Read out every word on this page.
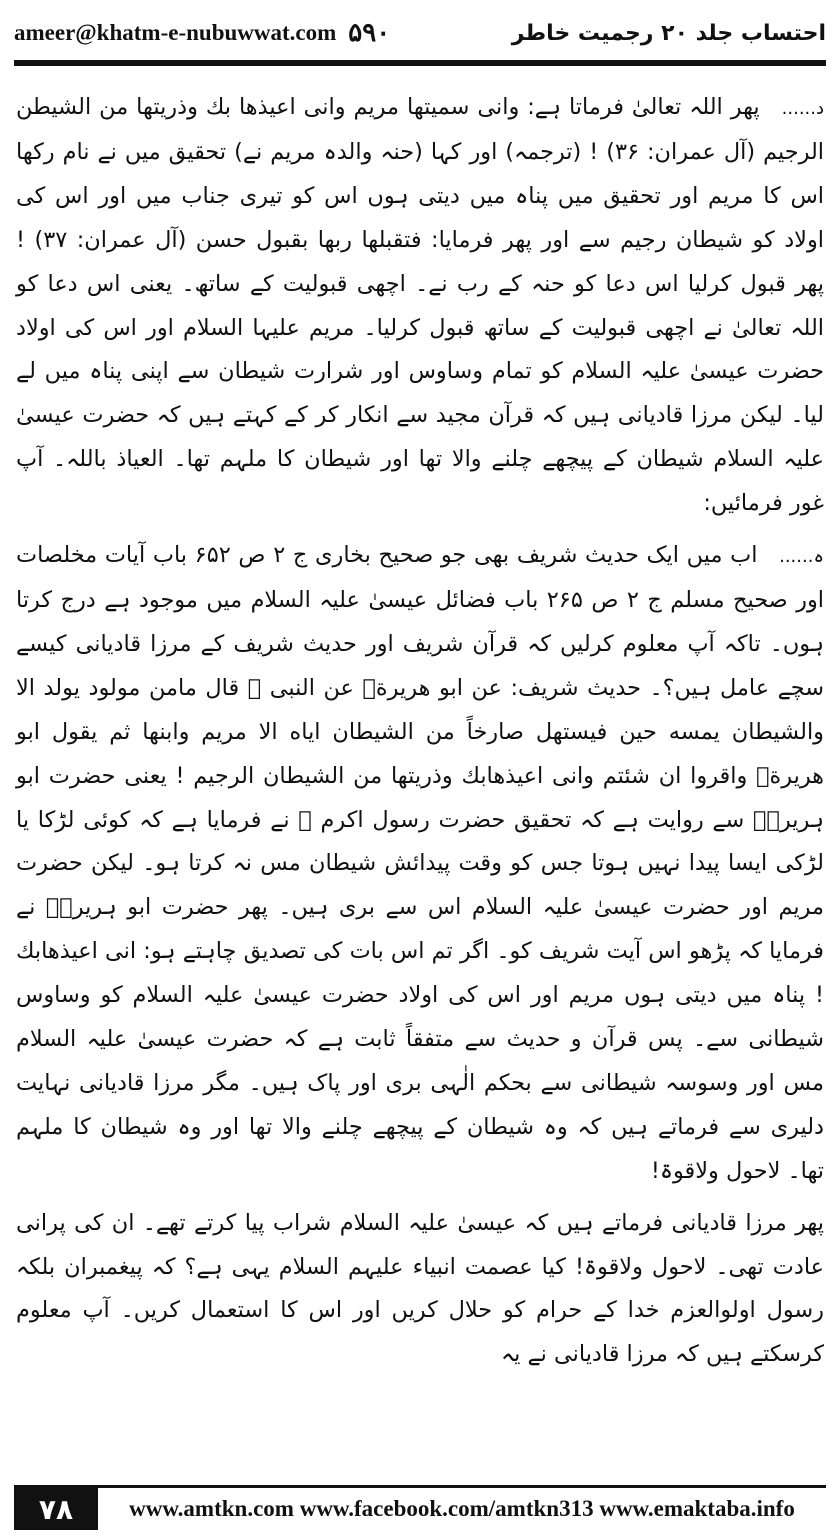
ameer@khatm-e-nubuwwat.com ۵۹۰	احتساب جلد ۲۰ رجمیت خاطر

د...... پھر اللہ تعالیٰ فرماتا ہے: وانی سمیتها مریم وانی اعیذها بك وذریتها من الشیطن الرجیم (آل عمران: ۳۶) ! (ترجمہ) اور کہا (حنہ والدہ مریم نے) تحقیق میں نے نام رکھا اس کا مریم اور تحقیق میں پناہ میں دیتی ہوں اس کو تیری جناب میں اور اس کی اولاد کو شیطان رجیم سے اور پھر فرمایا: فتقبلها ربها بقبول حسن (آل عمران: ۳۷) ! پھر قبول کرلیا اس دعا کو حنہ کے رب نے۔ اچھی قبولیت کے ساتھ۔ یعنی اس دعا کو اللہ تعالیٰ نے اچھی قبولیت کے ساتھ قبول کرلیا۔ مریم علیہا السلام اور اس کی اولاد حضرت عیسیٰ علیہ السلام کو تمام وساوس اور شرارت شیطان سے اپنی پناہ میں لے لیا۔ لیکن مرزا قادیانی ہیں کہ قرآن مجید سے انکار کر کے کہتے ہیں کہ حضرت عیسیٰ علیہ السلام شیطان کے پیچھے چلنے والا تھا اور شیطان کا ملہم تھا۔ العیاذ باللہ۔ آپ غور فرمائیں:

ہ...... اب میں ایک حدیث شریف بھی جو صحیح بخاری ج ۲ ص ۶۵۲ باب آیات مخلصات اور صحیح مسلم ج ۲ ص ۲۶۵ باب فضائل عیسیٰ علیہ السلام میں موجود ہے درج کرتا ہوں۔ تاکہ آپ معلوم کرلیں کہ قرآن شریف اور حدیث شریف کے مرزا قادیانی کیسے سچے عامل ہیں؟۔ حدیث شریف: عن ابو هریرةؓ عن النبی ﷺ قال مامن مولود یولد الا والشیطان یمسه حین فیستهل صارخاً من الشیطان ایاه الا مریم وابنها ثم یقول ابو هریرةؓ واقروا ان شئتم وانی اعیذهابك وذریتها من الشیطان الرجیم ! یعنی حضرت ابو ہریرہؓ سے روایت ہے کہ تحقیق حضرت رسول اکرم ﷺ نے فرمایا ہے کہ کوئی لڑکا یا لڑکی ایسا پیدا نہیں ہوتا جس کو وقت پیدائش شیطان مس نہ کرتا ہو۔ لیکن حضرت مریم اور حضرت عیسیٰ علیہ السلام اس سے بری ہیں۔ پھر حضرت ابو ہریرہؓ نے فرمایا کہ پڑھو اس آیت شریف کو۔ اگر تم اس بات کی تصدیق چاہتے ہو: انی اعیذهابك ! پناہ میں دیتی ہوں مریم اور اس کی اولاد حضرت عیسیٰ علیہ السلام کو وساوس شیطانی سے۔ پس قرآن و حدیث سے متفقاً ثابت ہے کہ حضرت عیسیٰ علیہ السلام مس اور وسوسہ شیطانی سے بحکم الٰہی بری اور پاک ہیں۔ مگر مرزا قادیانی نہایت دلیری سے فرماتے ہیں کہ وہ شیطان کے پیچھے چلنے والا تھا اور وہ شیطان کا ملہم تھا۔ لاحول ولاقوۃ!

پھر مرزا قادیانی فرماتے ہیں کہ عیسیٰ علیہ السلام شراب پیا کرتے تھے۔ ان کی پرانی عادت تھی۔ لاحول ولاقوۃ! کیا عصمت انبیاء علیہم السلام یہی ہے؟ کہ پیغمبران بلکہ رسول اولوالعزم خدا کے حرام کو حلال کریں اور اس کا استعمال کریں۔ آپ معلوم کرسکتے ہیں کہ مرزا قادیانی نے یہ

۷۸	www.amtkn.com www.facebook.com/amtkn313 www.emaktaba.info
